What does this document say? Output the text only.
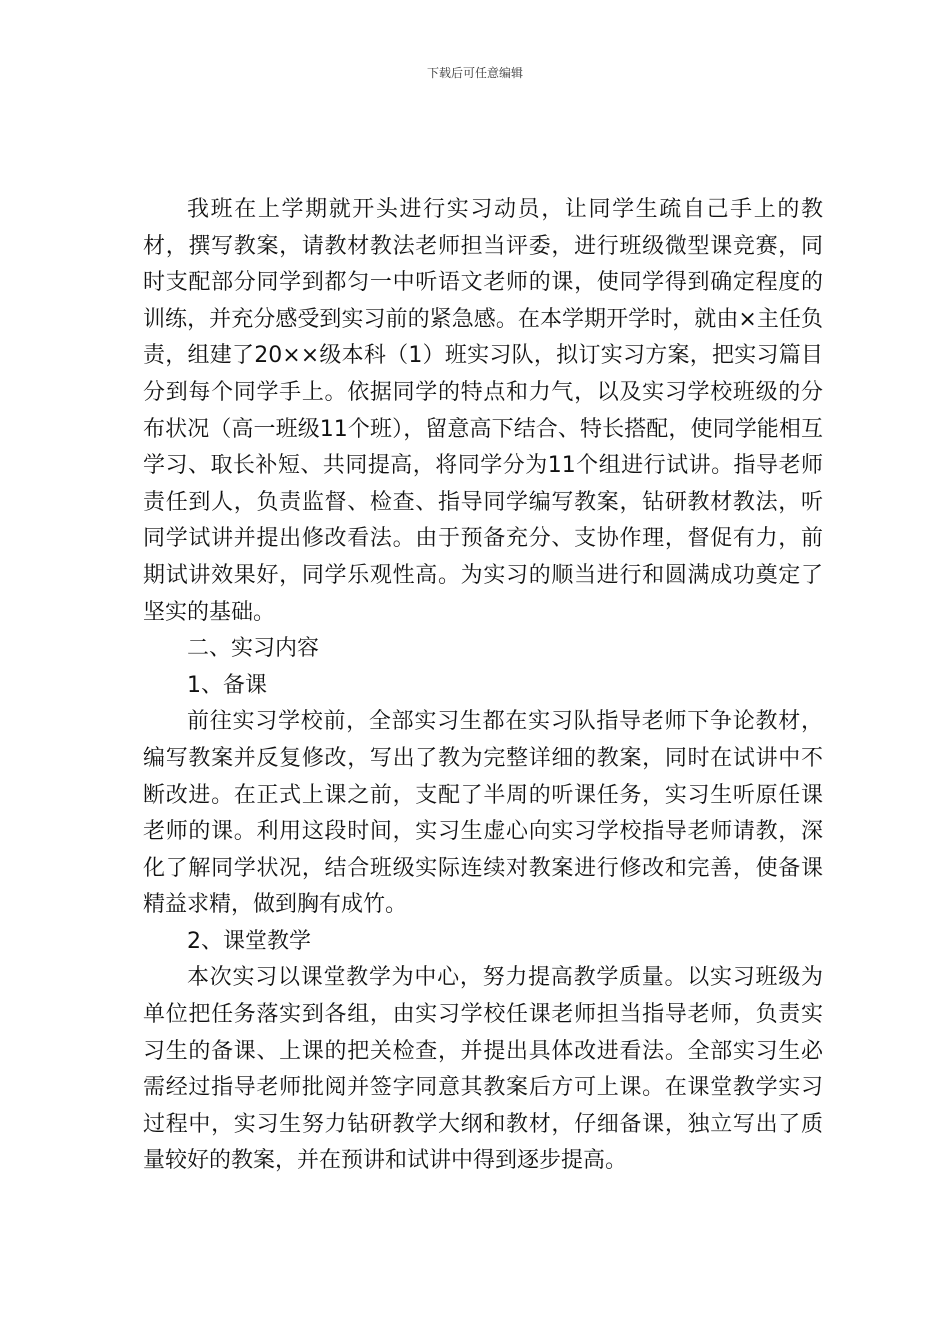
下载后可任意编辑

我班在上学期就开头进行实习动员，让同学生疏自己手上的教材，撰写教案，请教材教法老师担当评委，进行班级微型课竞赛，同时支配部分同学到都匀一中听语文老师的课，使同学得到确定程度的训练，并充分感受到实习前的紧急感。在本学期开学时，就由×主任负责，组建了20××级本科（1）班实习队，拟订实习方案，把实习篇目分到每个同学手上。依据同学的特点和力气，以及实习学校班级的分布状况（高一班级11个班），留意高下结合、特长搭配，使同学能相互学习、取长补短、共同提高，将同学分为11个组进行试讲。指导老师责任到人，负责监督、检查、指导同学编写教案，钻研教材教法，听同学试讲并提出修改看法。由于预备充分、支协作理，督促有力，前期试讲效果好，同学乐观性高。为实习的顺当进行和圆满成功奠定了坚实的基础。

二、实习内容

1、备课

前往实习学校前，全部实习生都在实习队指导老师下争论教材，编写教案并反复修改，写出了教为完整详细的教案，同时在试讲中不断改进。在正式上课之前，支配了半周的听课任务，实习生听原任课老师的课。利用这段时间，实习生虚心向实习学校指导老师请教，深化了解同学状况，结合班级实际连续对教案进行修改和完善，使备课精益求精，做到胸有成竹。

2、课堂教学

本次实习以课堂教学为中心，努力提高教学质量。以实习班级为单位把任务落实到各组，由实习学校任课老师担当指导老师，负责实习生的备课、上课的把关检查，并提出具体改进看法。全部实习生必需经过指导老师批阅并签字同意其教案后方可上课。在课堂教学实习过程中，实习生努力钻研教学大纲和教材，仔细备课，独立写出了质量较好的教案，并在预讲和试讲中得到逐步提高。
